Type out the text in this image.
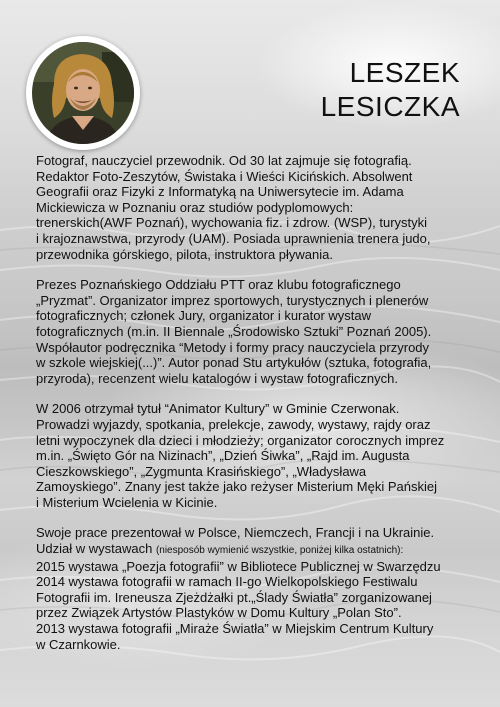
LESZEK
LESICZKA

Fotograf, nauczyciel przewodnik. Od 30 lat zajmuje się fotografią.
Redaktor Foto-Zeszytów, Świstaka i Wieści Kicińskich. Absolwent
Geografii oraz Fizyki z Informatyką na Uniwersytecie im. Adama
Mickiewicza w Poznaniu oraz studiów podyplomowych:
trenerskich(AWF Poznań), wychowania fiz. i zdrow. (WSP), turystyki
i krajoznawstwa, przyrody (UAM). Posiada uprawnienia trenera judo,
przewodnika górskiego, pilota, instruktora pływania.

Prezes Poznańskiego Oddziału PTT oraz klubu fotograficznego
„Pryzmat”. Organizator imprez sportowych, turystycznych i plenerów
fotograficznych; członek Jury, organizator i kurator wystaw
fotograficznych (m.in. II Biennale „Środowisko Sztuki” Poznań 2005).
Współautor podręcznika “Metody i formy pracy nauczyciela przyrody
w szkole wiejskiej(...)”. Autor ponad Stu artykułów (sztuka, fotografia,
przyroda), recenzent wielu katalogów i wystaw fotograficznych.

W 2006 otrzymał tytuł “Animator Kultury” w Gminie Czerwonak.
Prowadzi wyjazdy, spotkania, prelekcje, zawody, wystawy, rajdy oraz
letni wypoczynek dla dzieci i młodzieży; organizator corocznych imprez
m.in. „Święto Gór na Nizinach”, „Dzień Śiwka”, „Rajd im. Augusta
Cieszkowskiego”, „Zygmunta Krasińskiego”, „Władysława
Zamoyskiego”. Znany jest także jako reżyser Misterium Męki Pańskiej
i Misterium Wcielenia w Kicinie.

Swoje prace prezentował w Polsce, Niemczech, Francji i na Ukrainie.
Udział w wystawach (niesposób wymienić wszystkie, poniżej kilka ostatnich):
2015 wystawa „Poezja fotografii” w Bibliotece Publicznej w Swarzędzu
2014 wystawa fotografii w ramach II-go Wielkopolskiego Festiwalu
Fotografii im. Ireneusza Zjeżdżałki pt.„Ślady Światła” zorganizowanej
przez Związek Artystów Plastyków w Domu Kultury „Polan Sto”.
2013 wystawa fotografii „Miraże Światła” w Miejskim Centrum Kultury
w Czarnkowie.
